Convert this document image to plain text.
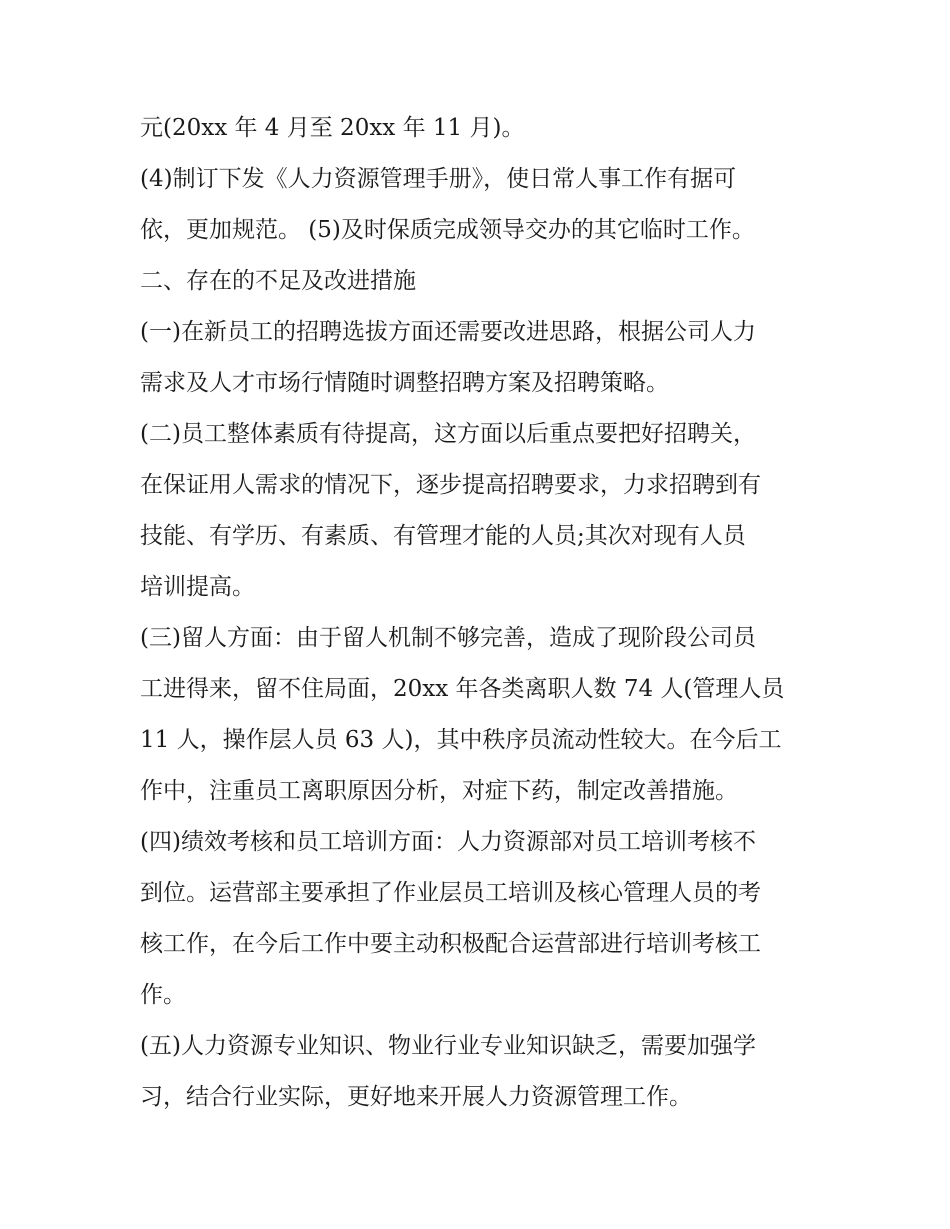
元(20xx 年 4 月至 20xx 年 11 月)。
(4)制订下发《人力资源管理手册》，使日常人事工作有据可
依，更加规范。 (5)及时保质完成领导交办的其它临时工作。
二、存在的不足及改进措施
(一)在新员工的招聘选拔方面还需要改进思路，根据公司人力
需求及人才市场行情随时调整招聘方案及招聘策略。
(二)员工整体素质有待提高，这方面以后重点要把好招聘关，
在保证用人需求的情况下，逐步提高招聘要求，力求招聘到有
技能、有学历、有素质、有管理才能的人员;其次对现有人员
培训提高。
(三)留人方面：由于留人机制不够完善，造成了现阶段公司员
工进得来，留不住局面，20xx 年各类离职人数 74 人(管理人员
11 人，操作层人员 63 人)，其中秩序员流动性较大。在今后工
作中，注重员工离职原因分析，对症下药，制定改善措施。
(四)绩效考核和员工培训方面：人力资源部对员工培训考核不
到位。运营部主要承担了作业层员工培训及核心管理人员的考
核工作，在今后工作中要主动积极配合运营部进行培训考核工
作。
(五)人力资源专业知识、物业行业专业知识缺乏，需要加强学
习，结合行业实际，更好地来开展人力资源管理工作。
